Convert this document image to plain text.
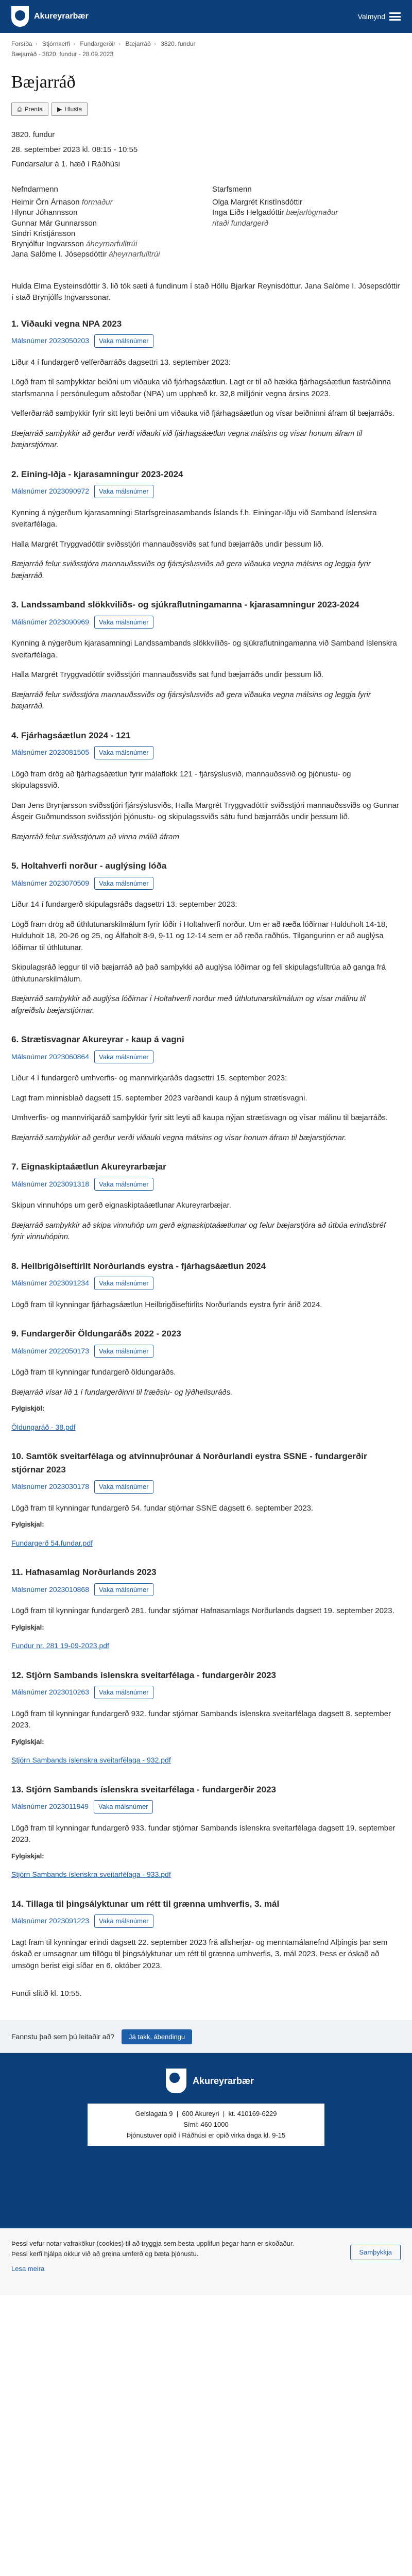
Akureyrarbær	Valmynd
Forsíða › Stjórnkerfi › Fundargerðir › Bæjarráð › 3820. fundur
Bæjarráð - 3820. fundur - 28.09.2023
Bæjarráð
⎙ Prenta ▶ Hlusta

3820. fundur

28. september 2023 kl. 08:15 - 10:55

Fundarsalur á 1. hæð í Ráðhúsi

Nefndarmenn
Heimir Örn Árnason formaður
Hlynur Jóhannsson
Gunnar Már Gunnarsson
Sindri Kristjánsson
Brynjólfur Ingvarsson áheyrnarfulltrúi
Jana Salóme I. Jósepsdóttir áheyrnarfulltrúi
Starfsmenn
Olga Margrét Kristínsdóttir
Inga Eiðs Helgadóttir bæjarlögmaður
ritaði fundargerð

Hulda Elma Eysteinsdóttir 3. lið tók sæti á fundinum í stað Höllu Bjarkar Reynisdóttur. Jana Salóme I. Jósepsdóttir í stað Brynjólfs Ingvarssonar.

1. Viðauki vegna NPA 2023
Málsnúmer 2023050203	Vaka málsnúmer

Liður 4 í fundargerð velferðarráðs dagsettri 13. september 2023:

Lögð fram til samþykktar beiðni um viðauka við fjárhagsáætlun. Lagt er til að hækka fjárhagsáætlun fastráðinna starfsmanna í persónulegum aðstoðar (NPA) um upphæð kr. 32,8 milljónir vegna ársins 2023.

Velferðarráð samþykkir fyrir sitt leyti beiðni um viðauka við fjárhagsáætlun og vísar beiðninni áfram til bæjarráðs.

Bæjarráð samþykkir að gerður verði viðauki við fjárhagsáætlun vegna málsins og vísar honum áfram til bæjarstjórnar.

2. Eining-Iðja - kjarasamningur 2023-2024
Málsnúmer 2023090972	Vaka málsnúmer

Kynning á nýgerðum kjarasamningi Starfsgreinasambands Íslands f.h. Einingar-Iðju við Samband íslenskra sveitarfélaga.

Halla Margrét Tryggvadóttir sviðsstjóri mannauðssviðs sat fund bæjarráðs undir þessum lið.

Bæjarráð felur sviðsstjóra mannauðssviðs og fjársýslusviðs að gera viðauka vegna málsins og leggja fyrir bæjarráð.

3. Landssamband slökkviliðs- og sjúkraflutningamanna - kjarasamningur 2023-2024
Málsnúmer 2023090969	Vaka málsnúmer

Kynning á nýgerðum kjarasamningi Landssambands slökkviliðs- og sjúkraflutningamanna við Samband íslenskra sveitarfélaga.

Halla Margrét Tryggvadóttir sviðsstjóri mannauðssviðs sat fund bæjarráðs undir þessum lið.

Bæjarráð felur sviðsstjóra mannauðssviðs og fjársýslusviðs að gera viðauka vegna málsins og leggja fyrir bæjarráð.

4. Fjárhagsáætlun 2024 - 121
Málsnúmer 2023081505	Vaka málsnúmer

Lögð fram drög að fjárhagsáætlun fyrir málaflokk 121 - fjársýslusvið, mannauðssvið og þjónustu- og skipulagssvið.

Dan Jens Brynjarsson sviðsstjóri fjársýslusviðs, Halla Margrét Tryggvadóttir sviðsstjóri mannauðssviðs og Gunnar Ásgeir Guðmundsson sviðsstjóri þjónustu- og skipulagssviðs sátu fund bæjarráðs undir þessum lið.

Bæjarráð felur sviðsstjórum að vinna málið áfram.

5. Holtahverfi norður - auglýsing lóða
Málsnúmer 2023070509	Vaka málsnúmer

Liður 14 í fundargerð skipulagsráðs dagsettri 13. september 2023:

Lögð fram drög að úthlutunarskilmálum fyrir lóðir í Holtahverfi norður. Um er að ræða lóðirnar Hulduholt 14-18, Hulduholt 18, 20-26 og 25, og Álfaholt 8-9, 9-11 og 12-14 sem er að ræða raðhús. Tilgangurinn er að auglýsa lóðirnar til úthlutunar.

Skipulagsráð leggur til við bæjarráð að það samþykki að auglýsa lóðirnar og feli skipulagsfulltrúa að ganga frá úthlutunarskilmálum.

Bæjarráð samþykkir að auglýsa lóðirnar í Holtahverfi norður með úthlutunarskilmálum og vísar málinu til afgreiðslu bæjarstjórnar.

6. Strætisvagnar Akureyrar - kaup á vagni
Málsnúmer 2023060864	Vaka málsnúmer

Liður 4 í fundargerð umhverfis- og mannvirkjaráðs dagsettri 15. september 2023:

Lagt fram minnisblað dagsett 15. september 2023 varðandi kaup á nýjum strætisvagni.

Umhverfis- og mannvirkjaráð samþykkir fyrir sitt leyti að kaupa nýjan strætisvagn og vísar málinu til bæjarráðs.

Bæjarráð samþykkir að gerður verði viðauki vegna málsins og vísar honum áfram til bæjarstjórnar.

7. Eignaskiptaáætlun Akureyrarbæjar
Málsnúmer 2023091318	Vaka málsnúmer

Skipun vinnuhóps um gerð eignaskiptaáætlunar Akureyrarbæjar.

Bæjarráð samþykkir að skipa vinnuhóp um gerð eignaskiptaáætlunar og felur bæjarstjóra að útbúa erindisbréf fyrir vinnuhópinn.

8. Heilbrigðiseftirlit Norðurlands eystra - fjárhagsáætlun 2024
Málsnúmer 2023091234	Vaka málsnúmer

Lögð fram til kynningar fjárhagsáætlun Heilbrigðiseftirlits Norðurlands eystra fyrir árið 2024.

9. Fundargerðir Öldungaráðs 2022 - 2023
Málsnúmer 2022050173	Vaka málsnúmer

Lögð fram til kynningar fundargerð öldungaráðs.

Bæjarráð vísar lið 1 í fundargerðinni til fræðslu- og lýðheilsuráðs.

Fylgiskjöl:

Öldungaráð - 38.pdf
10. Samtök sveitarfélaga og atvinnuþróunar á Norðurlandi eystra SSNE - fundargerðir stjórnar 2023
Málsnúmer 2023030178	Vaka málsnúmer

Lögð fram til kynningar fundargerð 54. fundar stjórnar SSNE dagsett 6. september 2023.

Fylgiskjal:

Fundargerð 54.fundar.pdf
11. Hafnasamlag Norðurlands 2023
Málsnúmer 2023010868	Vaka málsnúmer

Lögð fram til kynningar fundargerð 281. fundar stjórnar Hafnasamlags Norðurlands dagsett 19. september 2023.

Fylgiskjal:

Fundur nr. 281 19-09-2023.pdf
12. Stjórn Sambands íslenskra sveitarfélaga - fundargerðir 2023
Málsnúmer 2023010263	Vaka málsnúmer

Lögð fram til kynningar fundargerð 932. fundar stjórnar Sambands íslenskra sveitarfélaga dagsett 8. september 2023.

Fylgiskjal:

Stjórn Sambands íslenskra sveitarfélaga - 932.pdf
13. Stjórn Sambands íslenskra sveitarfélaga - fundargerðir 2023
Málsnúmer 2023011949	Vaka málsnúmer

Lögð fram til kynningar fundargerð 933. fundar stjórnar Sambands íslenskra sveitarfélaga dagsett 19. september 2023.

Fylgiskjal:

Stjórn Sambands íslenskra sveitarfélaga - 933.pdf
14. Tillaga til þingsályktunar um rétt til grænna umhverfis, 3. mál
Málsnúmer 2023091223	Vaka málsnúmer

Lagt fram til kynningar erindi dagsett 22. september 2023 frá allsherjar- og menntamálanefnd Alþingis þar sem óskað er umsagnar um tillögu til þingsályktunar um rétt til grænna umhverfis, 3. mál 2023. Þess er óskað að umsögn berist eigi síðar en 6. október 2023.

Fundi slitið kl. 10:55.

Fannstu það sem þú leitaðir að?	Já takk, ábendingu
Akureyrarbær
Geislagata 9  |  600 Akureyri  |  kt. 410169-6229
Sími: 460 1000
Þjónustuver opið í Ráðhúsi er opið virka daga kl. 9-15
Þessi vefur notar vafrakökur (cookies) til að tryggja sem besta upplifun þegar hann er skoðaður. Þessi kerfi hjálpa okkur við að greina umferð og bæta þjónustu.
Lesa meira
Samþykkja
